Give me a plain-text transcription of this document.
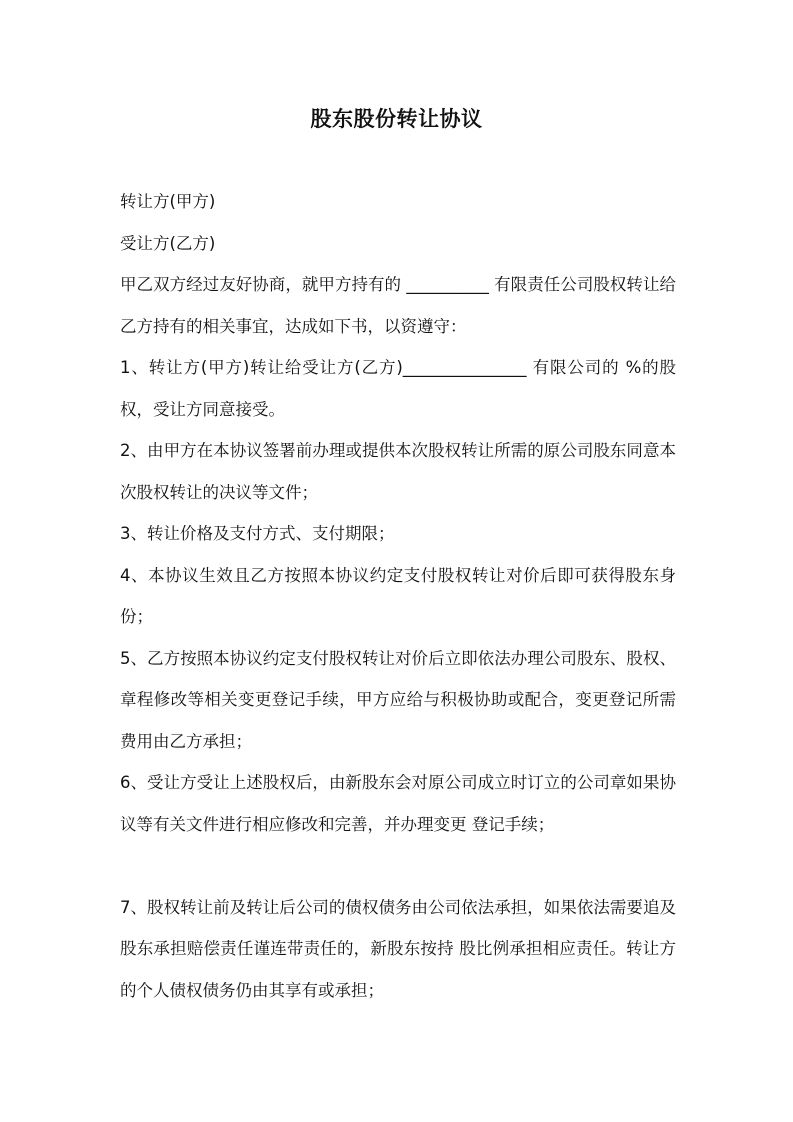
股东股份转让协议

转让方(甲方)

受让方(乙方)

甲乙双方经过友好协商，就甲方持有的 __________ 有限责任公司股权转让给乙方持有的相关事宜，达成如下书，以资遵守：

1、转让方(甲方)转让给受让方(乙方)_______________ 有限公司的 %的股权，受让方同意接受。

2、由甲方在本协议签署前办理或提供本次股权转让所需的原公司股东同意本次股权转让的决议等文件；

3、转让价格及支付方式、支付期限；

4、本协议生效且乙方按照本协议约定支付股权转让对价后即可获得股东身份；

5、乙方按照本协议约定支付股权转让对价后立即依法办理公司股东、股权、章程修改等相关变更登记手续，甲方应给与积极协助或配合，变更登记所需费用由乙方承担；

6、受让方受让上述股权后，由新股东会对原公司成立时订立的公司章如果协议等有关文件进行相应修改和完善，并办理变更 登记手续；

7、股权转让前及转让后公司的债权债务由公司依法承担，如果依法需要追及股东承担赔偿责任谨连带责任的，新股东按持 股比例承担相应责任。转让方的个人债权债务仍由其享有或承担；
